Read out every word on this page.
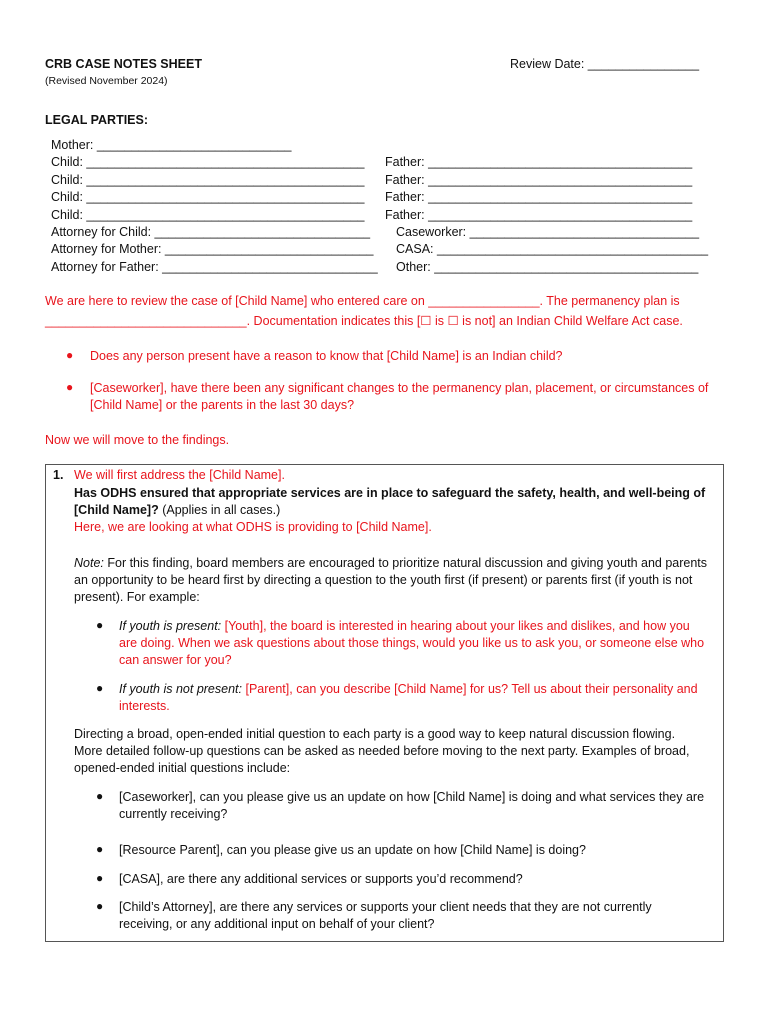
CRB CASE NOTES SHEET
(Revised November 2024)
Review Date: ________________
LEGAL PARTIES:
Mother: ____________________________
Child: ________________________________________ Father: ______________________________________
Child: ________________________________________ Father: ______________________________________
Child: ________________________________________ Father: ______________________________________
Child: ________________________________________ Father: ______________________________________
Attorney for Child: _______________________________ Caseworker: _________________________________
Attorney for Mother: ______________________________ CASA: _______________________________________
Attorney for Father: _______________________________ Other: ______________________________________
We are here to review the case of [Child Name] who entered care on ________________. The permanency plan is
_____________________________. Documentation indicates this [☐ is ☐ is not] an Indian Child Welfare Act case.
● Does any person present have a reason to know that [Child Name] is an Indian child?
● [Caseworker], have there been any significant changes to the permanency plan, placement, or circumstances of
[Child Name] or the parents in the last 30 days?
Now we will move to the findings.
1. We will first address the [Child Name].
Has ODHS ensured that appropriate services are in place to safeguard the safety, health, and well-being of
[Child Name]? (Applies in all cases.)
Here, we are looking at what ODHS is providing to [Child Name].
Note: For this finding, board members are encouraged to prioritize natural discussion and giving youth and parents
an opportunity to be heard first by directing a question to the youth first (if present) or parents first (if youth is not
present). For example:
● If youth is present: [Youth], the board is interested in hearing about your likes and dislikes, and how you
are doing. When we ask questions about those things, would you like us to ask you, or someone else who
can answer for you?
● If youth is not present: [Parent], can you describe [Child Name] for us? Tell us about their personality and
interests.
Directing a broad, open-ended initial question to each party is a good way to keep natural discussion flowing.
More detailed follow-up questions can be asked as needed before moving to the next party. Examples of broad,
opened-ended initial questions include:
● [Caseworker], can you please give us an update on how [Child Name] is doing and what services they are
currently receiving?
● [Resource Parent], can you please give us an update on how [Child Name] is doing?
● [CASA], are there any additional services or supports you’d recommend?
● [Child’s Attorney], are there any services or supports your client needs that they are not currently
receiving, or any additional input on behalf of your client?
